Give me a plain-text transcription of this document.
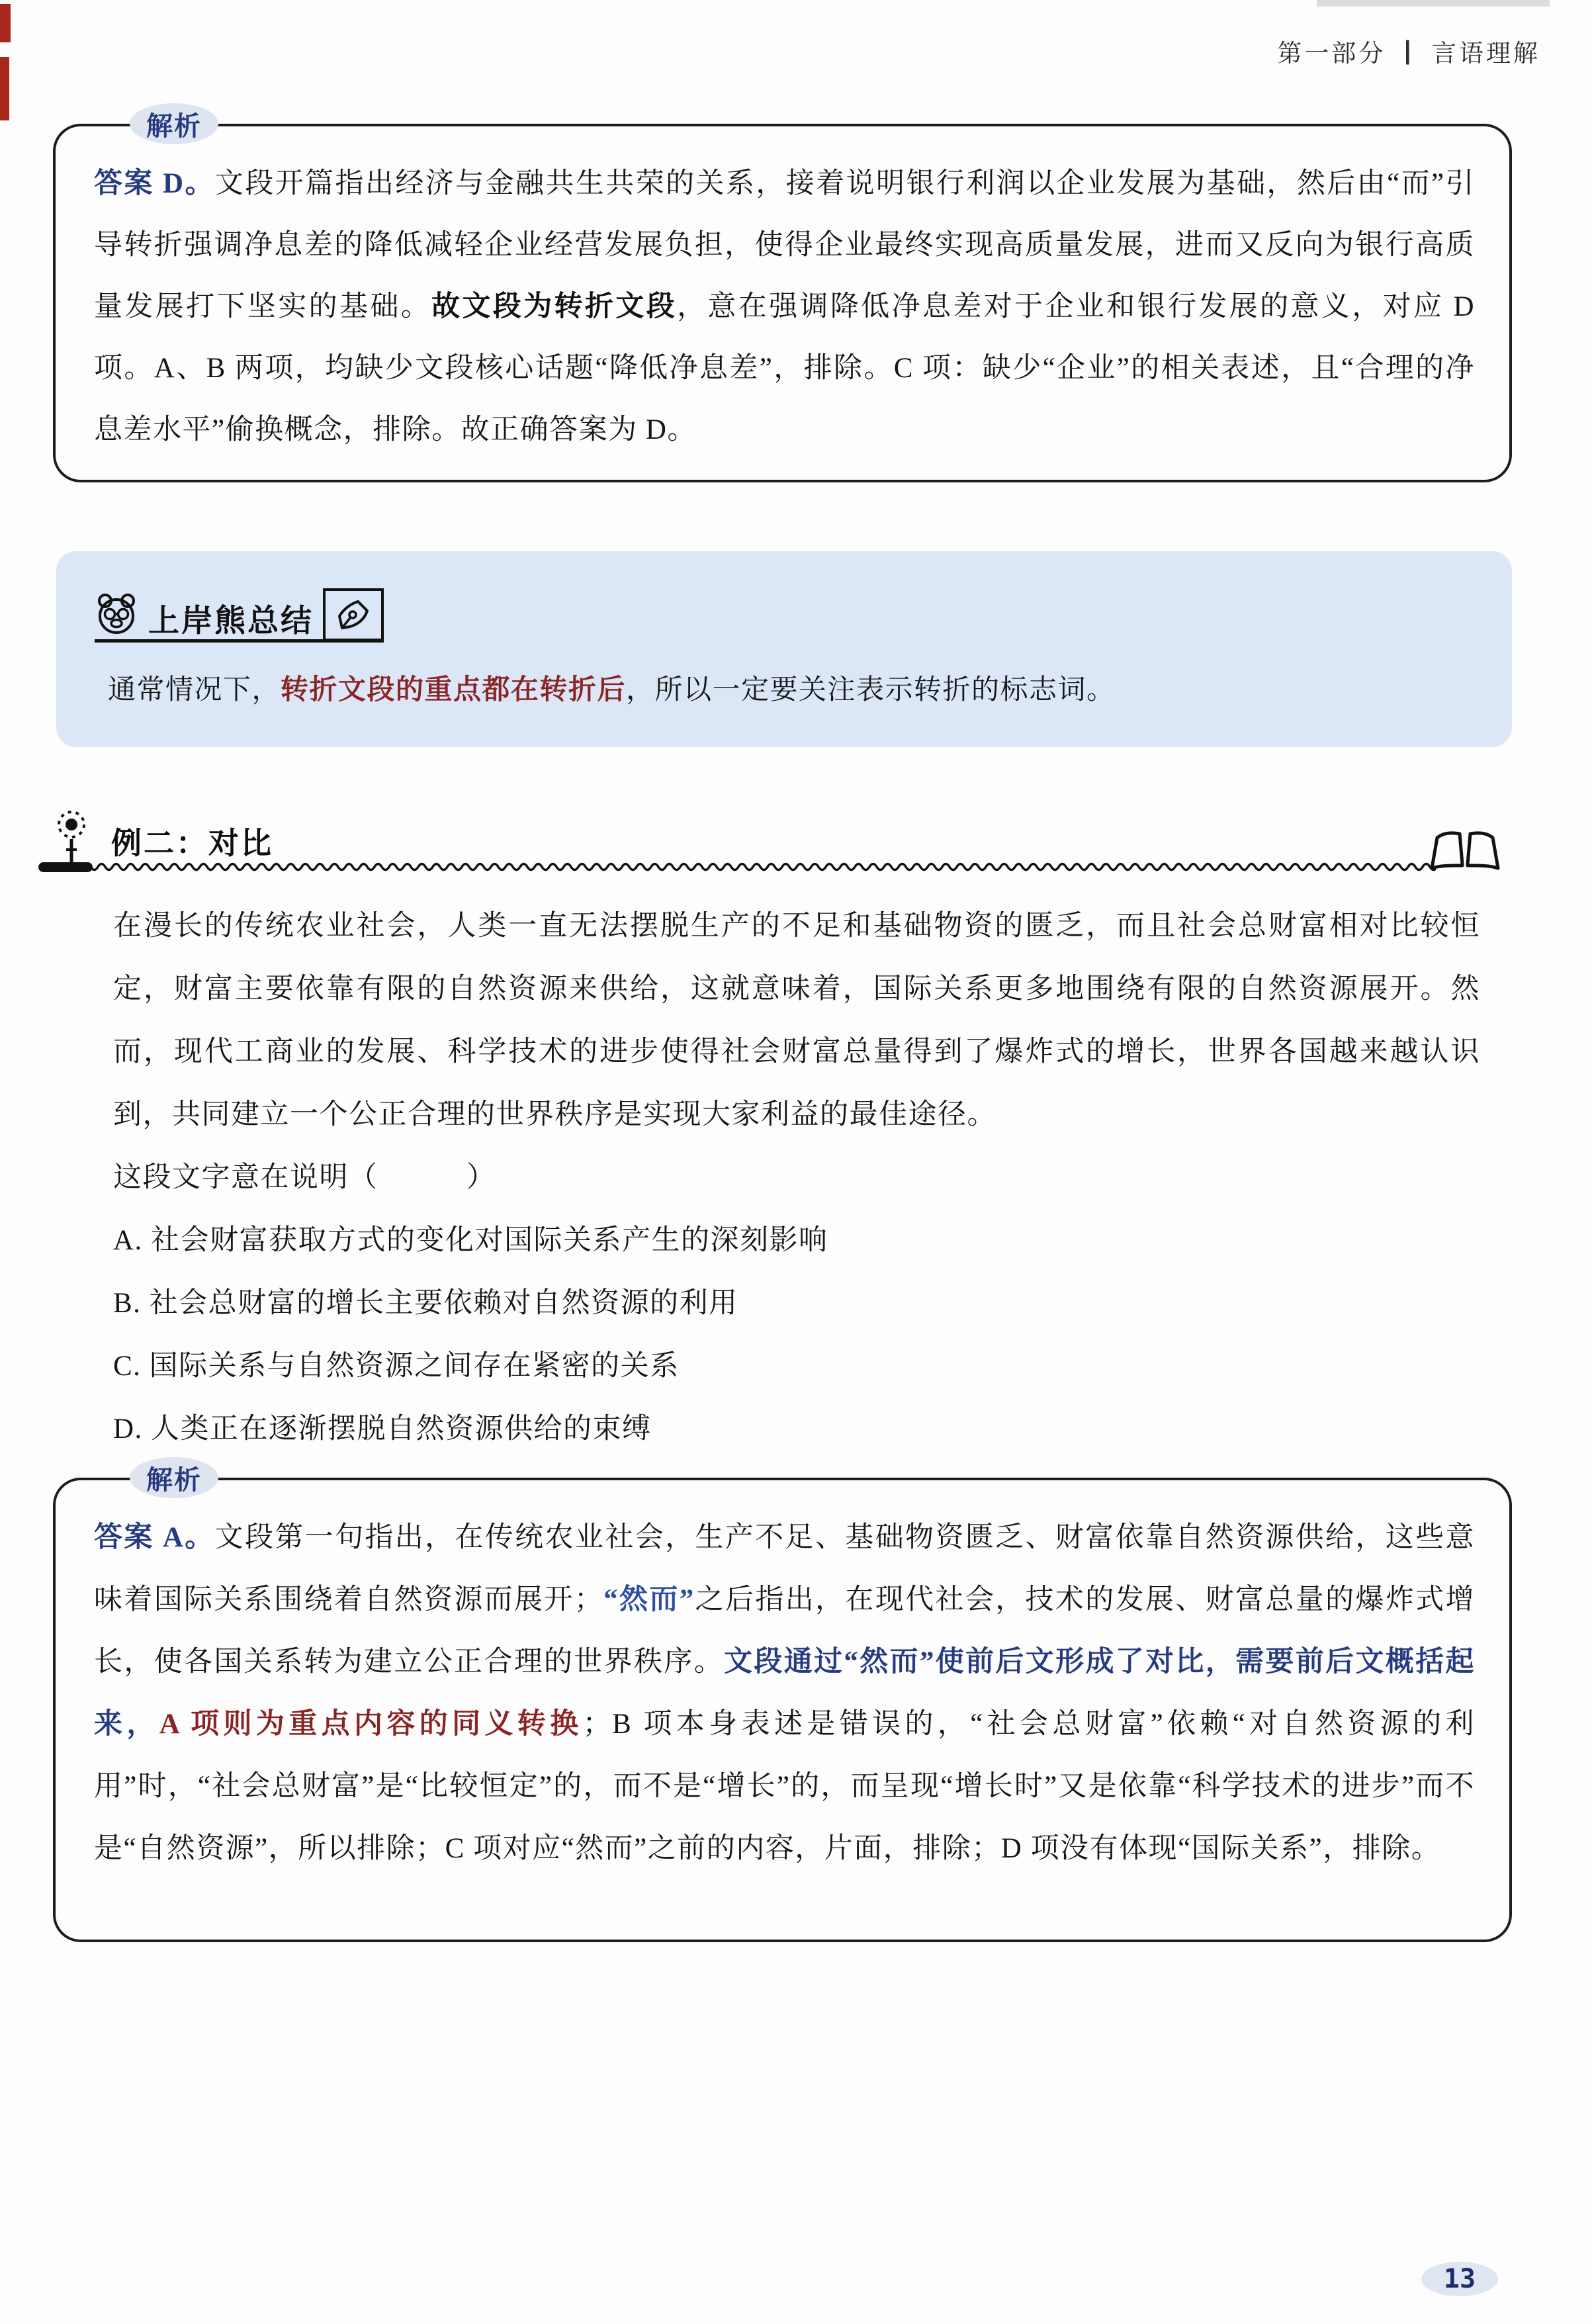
第一部分 ┃ 言语理解
答案 D。文段开篇指出经济与金融共生共荣的关系，接着说明银行利润以企业发展为基础，然后由“而”引导转折强调净息差的降低减轻企业经营发展负担，使得企业最终实现高质量发展，进而又反向为银行高质量发展打下坚实的基础。故文段为转折文段，意在强调降低净息差对于企业和银行发展的意义，对应 D 项。A、B 两项，均缺少文段核心话题“降低净息差”，排除。C 项：缺少“企业”的相关表述，且“合理的净息差水平”偷换概念，排除。故正确答案为 D。
解析
上岸熊总结
通常情况下，转折文段的重点都在转折后，所以一定要关注表示转折的标志词。
例二：对比
在漫长的传统农业社会，人类一直无法摆脱生产的不足和基础物资的匮乏，而且社会总财富相对比较恒定，财富主要依靠有限的自然资源来供给，这就意味着，国际关系更多地围绕有限的自然资源展开。然而，现代工商业的发展、科学技术的进步使得社会财富总量得到了爆炸式的增长，世界各国越来越认识到，共同建立一个公正合理的世界秩序是实现大家利益的最佳途径。
这段文字意在说明（　　　）
A. 社会财富获取方式的变化对国际关系产生的深刻影响
B. 社会总财富的增长主要依赖对自然资源的利用
C. 国际关系与自然资源之间存在紧密的关系
D. 人类正在逐渐摆脱自然资源供给的束缚
答案 A。文段第一句指出，在传统农业社会，生产不足、基础物资匮乏、财富依靠自然资源供给，这些意味着国际关系围绕着自然资源而展开；“然而”之后指出，在现代社会，技术的发展、财富总量的爆炸式增长，使各国关系转为建立公正合理的世界秩序。文段通过“然而”使前后文形成了对比，需要前后文概括起来，A 项则为重点内容的同义转换；B 项本身表述是错误的，“社会总财富”依赖“对自然资源的利用”时，“社会总财富”是“比较恒定”的，而不是“增长”的，而呈现“增长时”又是依靠“科学技术的进步”而不是“自然资源”，所以排除；C 项对应“然而”之前的内容，片面，排除；D 项没有体现“国际关系”，排除。
解析
13
